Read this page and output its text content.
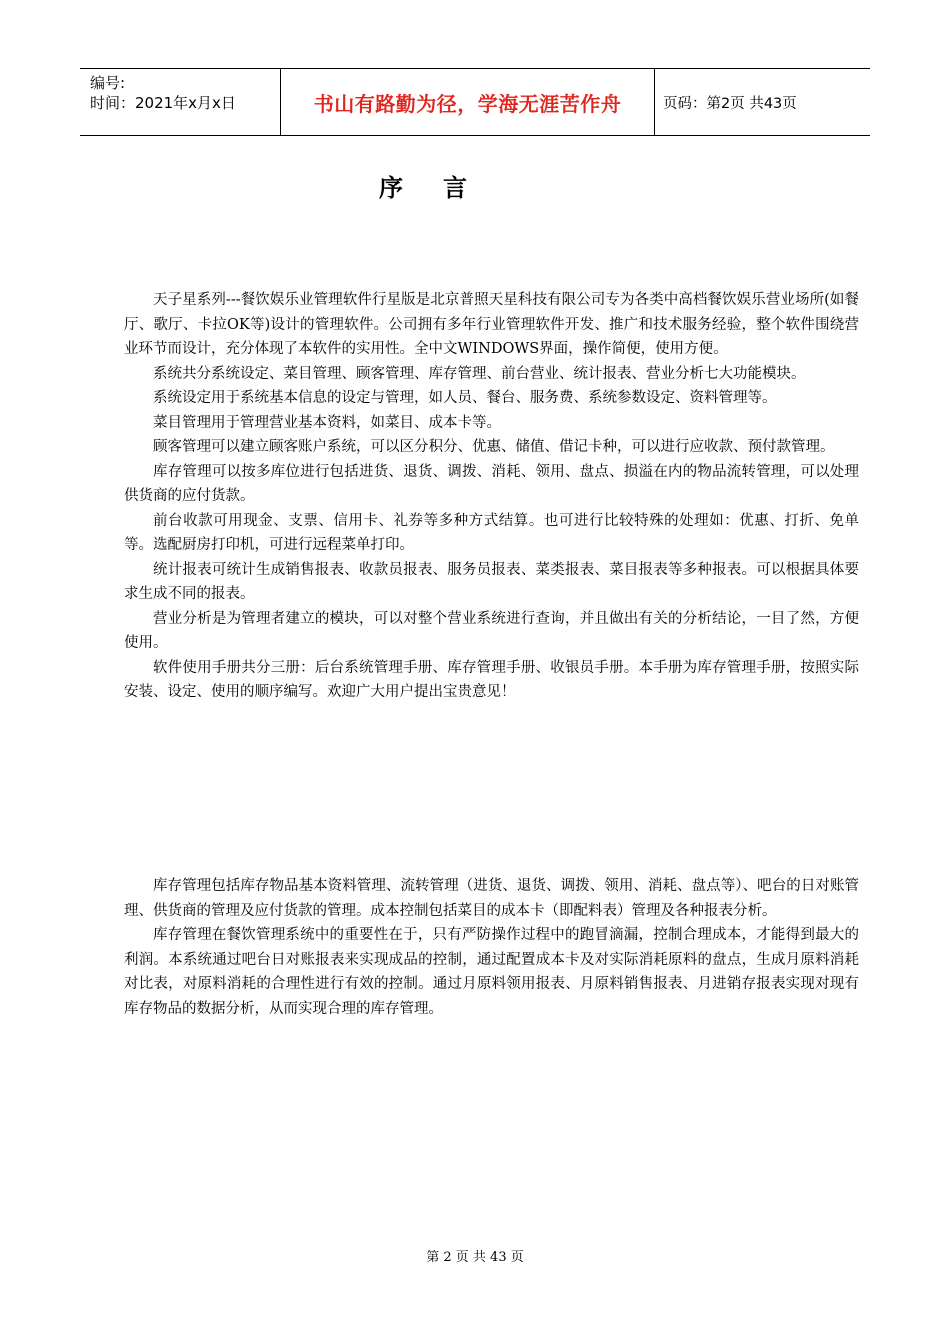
编号:
时间：2021年x月x日	书山有路勤为径，学海无涯苦作舟	页码：第2页 共43页
序言

天子星系列---餐饮娱乐业管理软件行星版是北京普照天星科技有限公司专为各类中高档餐饮娱乐营业场所(如餐厅、歌厅、卡拉OK等)设计的管理软件。公司拥有多年行业管理软件开发、推广和技术服务经验，整个软件围绕营业环节而设计，充分体现了本软件的实用性。全中文WINDOWS界面，操作简便，使用方便。

系统共分系统设定、菜目管理、顾客管理、库存管理、前台营业、统计报表、营业分析七大功能模块。

系统设定用于系统基本信息的设定与管理，如人员、餐台、服务费、系统参数设定、资料管理等。

菜目管理用于管理营业基本资料，如菜目、成本卡等。

顾客管理可以建立顾客账户系统，可以区分积分、优惠、储值、借记卡种，可以进行应收款、预付款管理。

库存管理可以按多库位进行包括进货、退货、调拨、消耗、领用、盘点、损溢在内的物品流转管理，可以处理供货商的应付货款。

前台收款可用现金、支票、信用卡、礼券等多种方式结算。也可进行比较特殊的处理如：优惠、打折、免单等。选配厨房打印机，可进行远程菜单打印。

统计报表可统计生成销售报表、收款员报表、服务员报表、菜类报表、菜目报表等多种报表。可以根据具体要求生成不同的报表。

营业分析是为管理者建立的模块，可以对整个营业系统进行查询，并且做出有关的分析结论，一目了然，方便使用。

软件使用手册共分三册：后台系统管理手册、库存管理手册、收银员手册。本手册为库存管理手册，按照实际安装、设定、使用的顺序编写。欢迎广大用户提出宝贵意见！

库存管理包括库存物品基本资料管理、流转管理（进货、退货、调拨、领用、消耗、盘点等）、吧台的日对账管理、供货商的管理及应付货款的管理。成本控制包括菜目的成本卡（即配料表）管理及各种报表分析。

库存管理在餐饮管理系统中的重要性在于，只有严防操作过程中的跑冒滴漏，控制合理成本，才能得到最大的利润。本系统通过吧台日对账报表来实现成品的控制，通过配置成本卡及对实际消耗原料的盘点，生成月原料消耗对比表，对原料消耗的合理性进行有效的控制。通过月原料领用报表、月原料销售报表、月进销存报表实现对现有库存物品的数据分析，从而实现合理的库存管理。

第 2 页 共 43 页
